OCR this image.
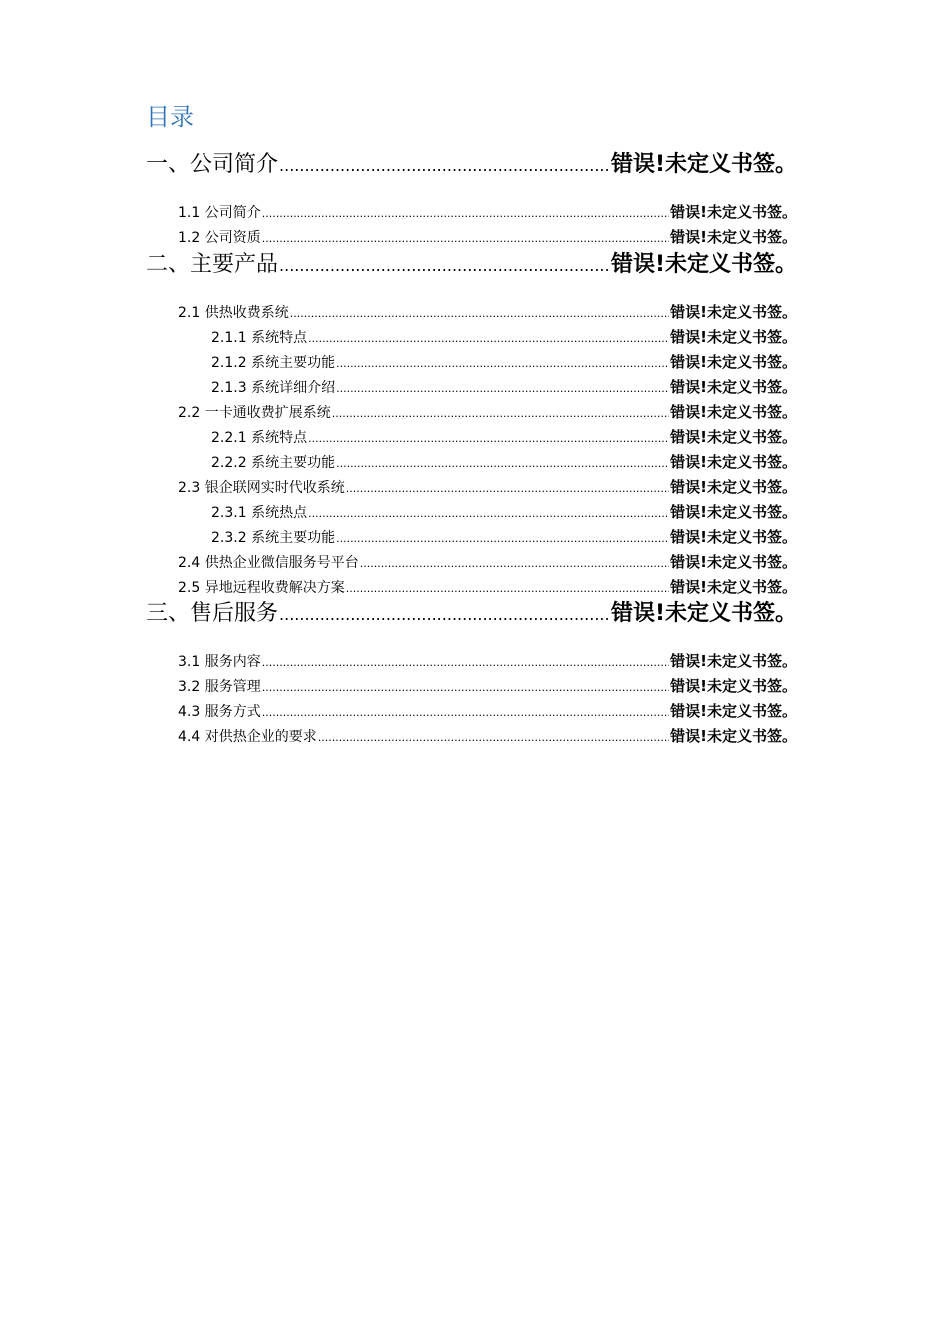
目录
一、公司简介 .....	错误!未定义书签。
1.1 公司简介 .....	错误!未定义书签。
1.2 公司资质 .....	错误!未定义书签。
二、主要产品 .....	错误!未定义书签。
2.1 供热收费系统 .....	错误!未定义书签。
2.1.1 系统特点 .....	错误!未定义书签。
2.1.2 系统主要功能 .....	错误!未定义书签。
2.1.3 系统详细介绍 .....	错误!未定义书签。
2.2 一卡通收费扩展系统 .....	错误!未定义书签。
2.2.1 系统特点 .....	错误!未定义书签。
2.2.2 系统主要功能 .....	错误!未定义书签。
2.3 银企联网实时代收系统 .....	错误!未定义书签。
2.3.1 系统热点 .....	错误!未定义书签。
2.3.2 系统主要功能 .....	错误!未定义书签。
2.4 供热企业微信服务号平台 .....	错误!未定义书签。
2.5 异地远程收费解决方案 .....	错误!未定义书签。
三、售后服务 .....	错误!未定义书签。
3.1 服务内容 .....	错误!未定义书签。
3.2 服务管理 .....	错误!未定义书签。
4.3 服务方式 .....	错误!未定义书签。
4.4 对供热企业的要求 .....	错误!未定义书签。
